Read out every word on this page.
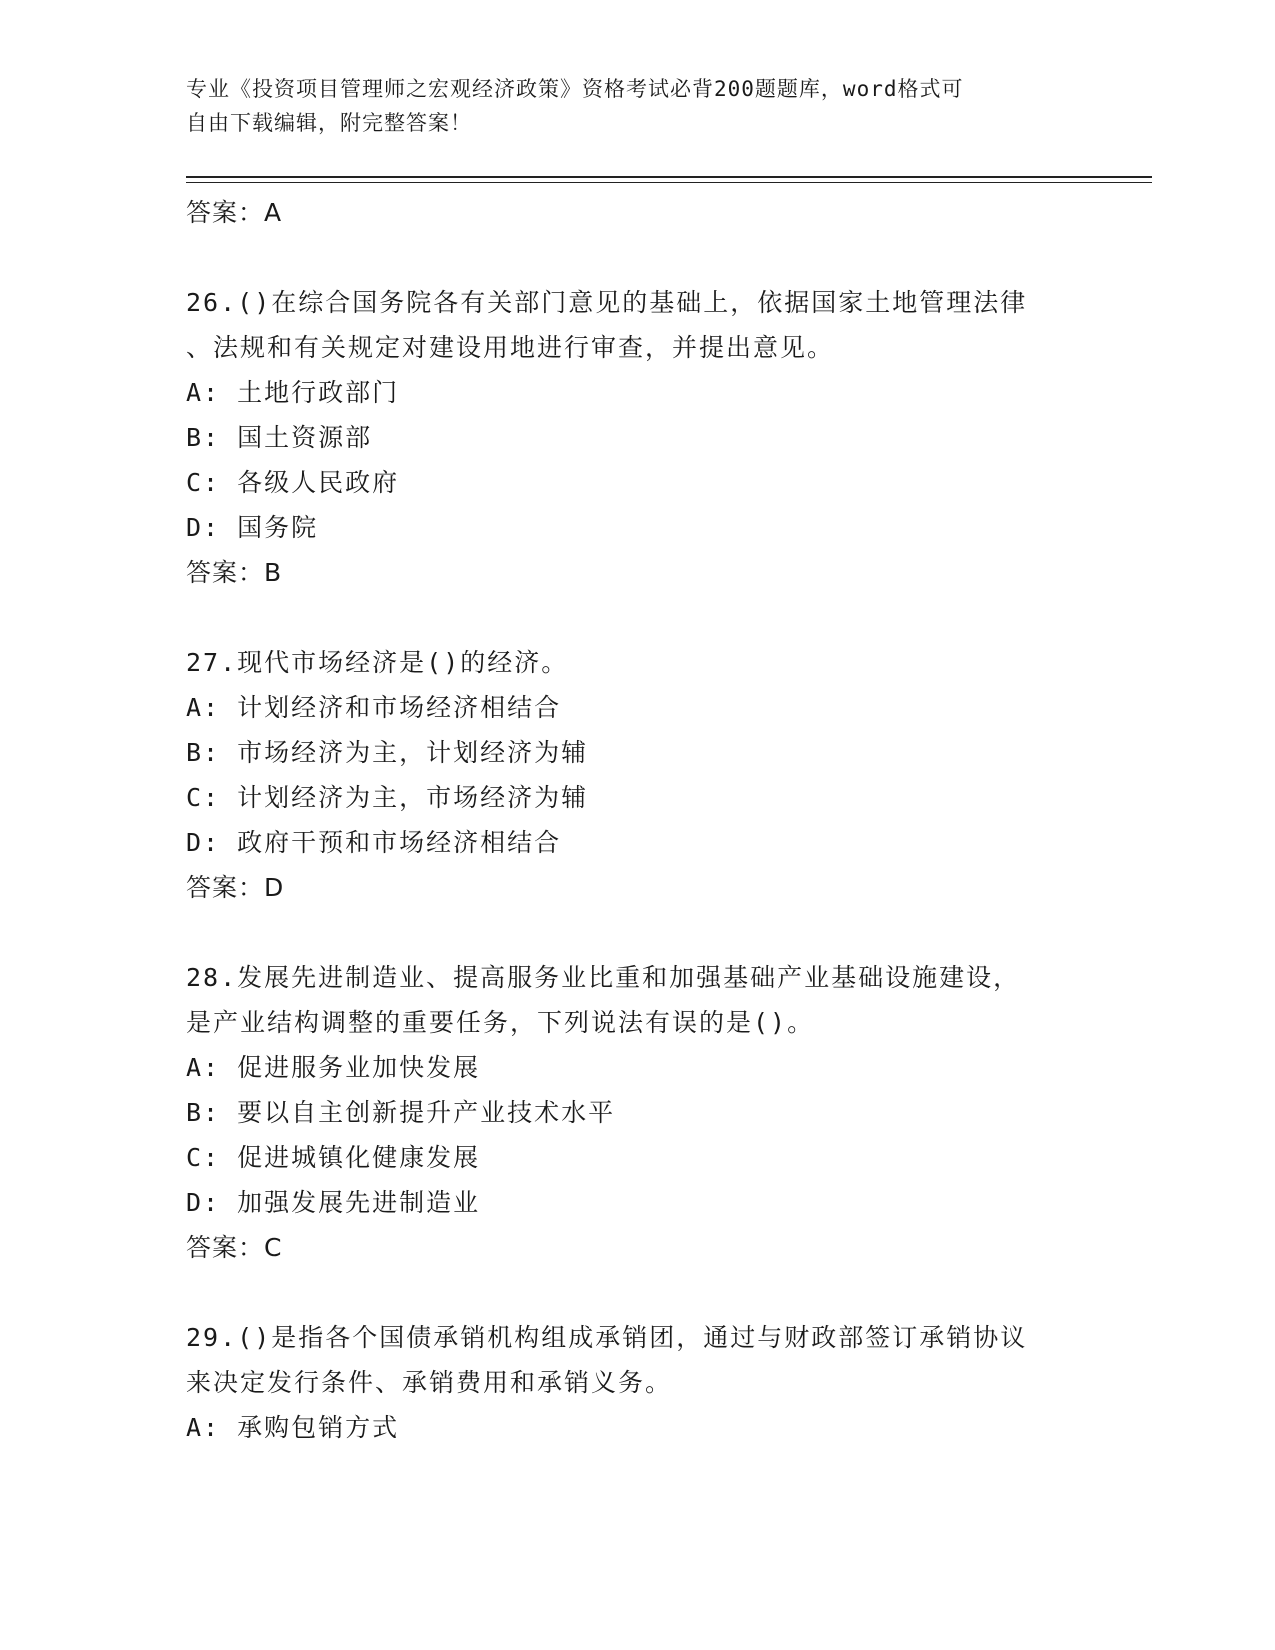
专业《投资项目管理师之宏观经济政策》资格考试必背200题题库，word格式可
自由下载编辑，附完整答案！
答案：A
26.()在综合国务院各有关部门意见的基础上，依据国家土地管理法律
、法规和有关规定对建设用地进行审查，并提出意见。
A: 土地行政部门
B: 国土资源部
C: 各级人民政府
D: 国务院
答案：B
27.现代市场经济是()的经济。
A: 计划经济和市场经济相结合
B: 市场经济为主，计划经济为辅
C: 计划经济为主，市场经济为辅
D: 政府干预和市场经济相结合
答案：D
28.发展先进制造业、提高服务业比重和加强基础产业基础设施建设，
是产业结构调整的重要任务，下列说法有误的是()。
A: 促进服务业加快发展
B: 要以自主创新提升产业技术水平
C: 促进城镇化健康发展
D: 加强发展先进制造业
答案：C
29.()是指各个国债承销机构组成承销团，通过与财政部签订承销协议
来决定发行条件、承销费用和承销义务。
A: 承购包销方式
